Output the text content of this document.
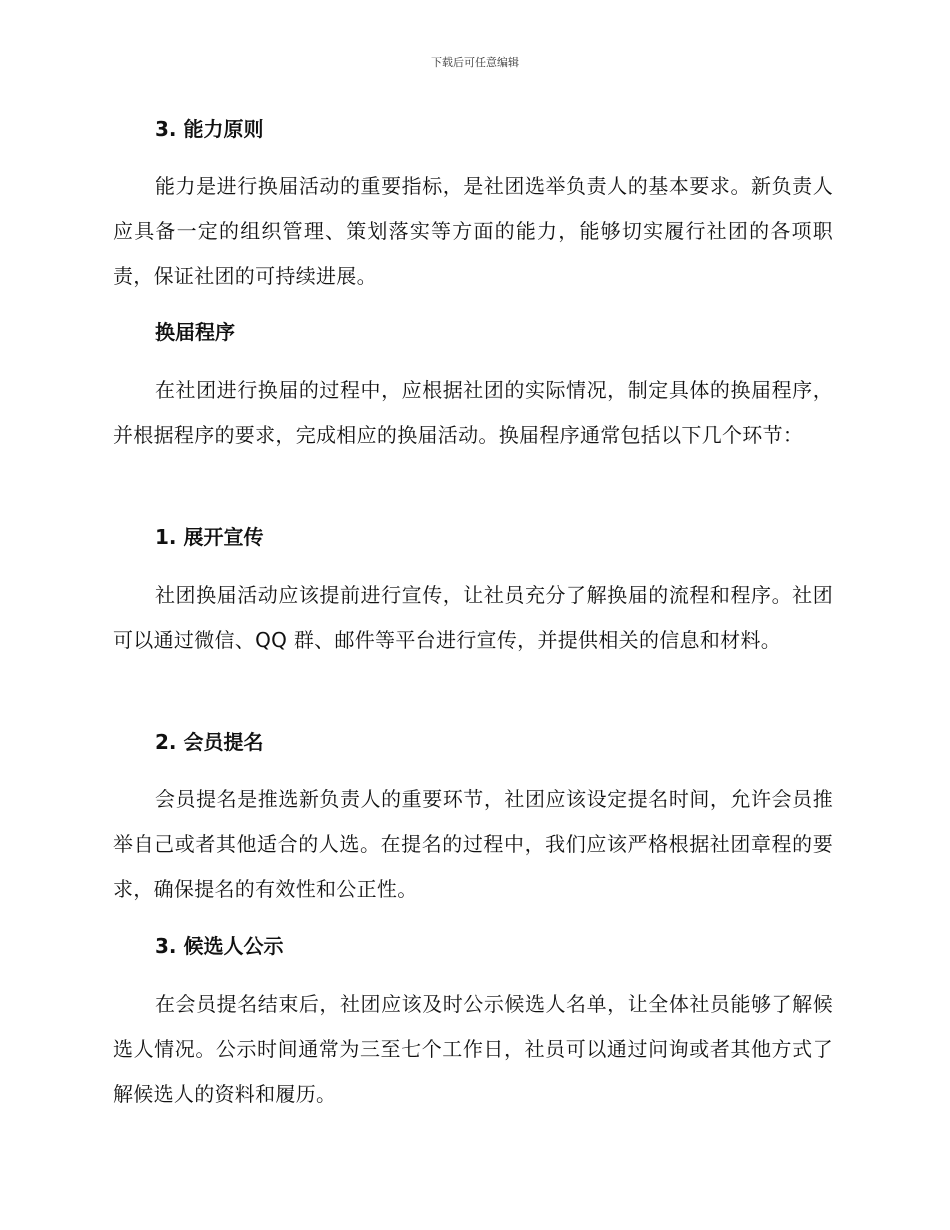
下载后可任意编辑
3. 能力原则
能力是进行换届活动的重要指标，是社团选举负责人的基本要求。新负责人应具备一定的组织管理、策划落实等方面的能力，能够切实履行社团的各项职责，保证社团的可持续进展。
换届程序
在社团进行换届的过程中，应根据社团的实际情况，制定具体的换届程序，并根据程序的要求，完成相应的换届活动。换届程序通常包括以下几个环节：
1. 展开宣传
社团换届活动应该提前进行宣传，让社员充分了解换届的流程和程序。社团可以通过微信、QQ 群、邮件等平台进行宣传，并提供相关的信息和材料。
2. 会员提名
会员提名是推选新负责人的重要环节，社团应该设定提名时间，允许会员推举自己或者其他适合的人选。在提名的过程中，我们应该严格根据社团章程的要求，确保提名的有效性和公正性。
3. 候选人公示
在会员提名结束后，社团应该及时公示候选人名单，让全体社员能够了解候选人情况。公示时间通常为三至七个工作日，社员可以通过问询或者其他方式了解候选人的资料和履历。
